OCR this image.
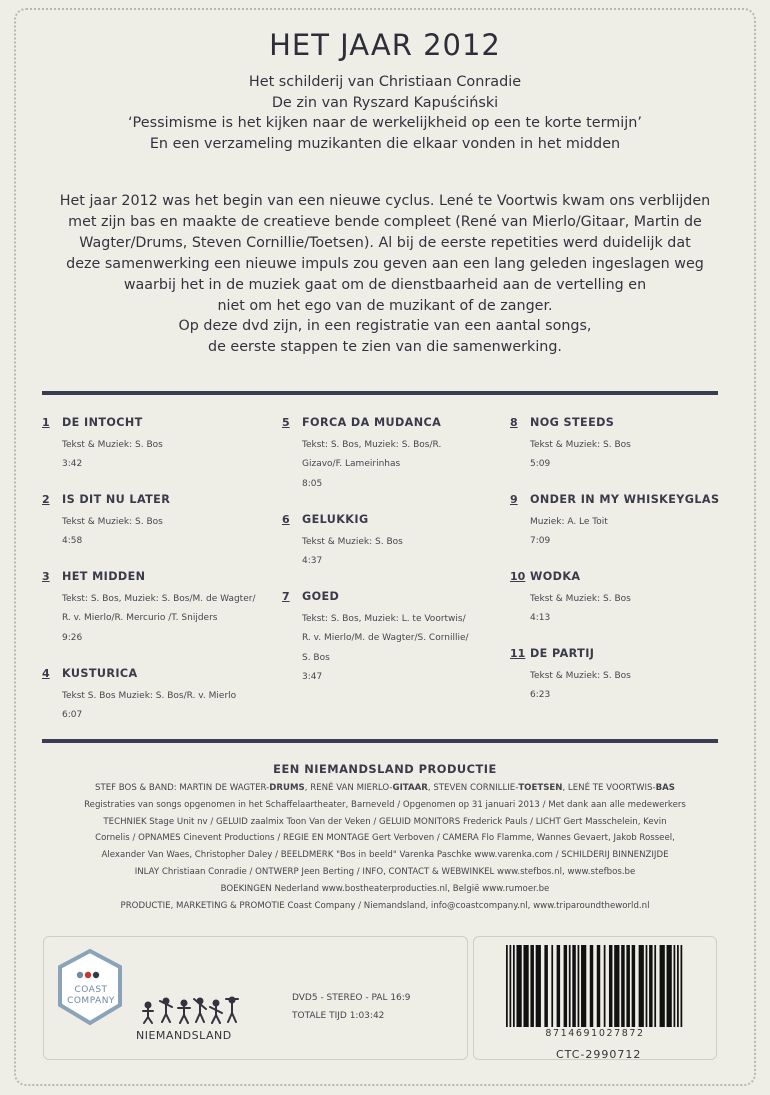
HET JAAR 2012
Het schilderij van Christiaan Conradie
De zin van Ryszard Kapuściński
‘Pessimisme is het kijken naar de werkelijkheid op een te korte termijn’
En een verzameling muzikanten die elkaar vonden in het midden
Het jaar 2012 was het begin van een nieuwe cyclus. Lené te Voortwis kwam ons verblijden
met zijn bas en maakte de creatieve bende compleet (René van Mierlo/Gitaar, Martin de
Wagter/Drums, Steven Cornillie/Toetsen). Al bij de eerste repetities werd duidelijk dat
deze samenwerking een nieuwe impuls zou geven aan een lang geleden ingeslagen weg
waarbij het in de muziek gaat om de dienstbaarheid aan de vertelling en
niet om het ego van de muzikant of de zanger.
Op deze dvd zijn, in een registratie van een aantal songs,
de eerste stappen te zien van die samenwerking.
1 DE INTOCHT
Tekst & Muziek: S. Bos
3:42
2 IS DIT NU LATER
Tekst & Muziek: S. Bos
4:58
3 HET MIDDEN
Tekst: S. Bos, Muziek: S. Bos/M. de Wagter/
R. v. Mierlo/R. Mercurio /T. Snijders
9:26
4 KUSTURICA
Tekst S. Bos Muziek: S. Bos/R. v. Mierlo
6:07
5 FORCA DA MUDANCA
Tekst: S. Bos, Muziek: S. Bos/R.
Gizavo/F. Lameirinhas
8:05
6 GELUKKIG
Tekst & Muziek: S. Bos
4:37
7 GOED
Tekst: S. Bos, Muziek: L. te Voortwis/
R. v. Mierlo/M. de Wagter/S. Cornillie/
S. Bos
3:47
8 NOG STEEDS
Tekst & Muziek: S. Bos
5:09
9 ONDER IN MY WHISKEYGLAS
Muziek: A. Le Toit
7:09
10 WODKA
Tekst & Muziek: S. Bos
4:13
11 DE PARTIJ
Tekst & Muziek: S. Bos
6:23
EEN NIEMANDSLAND PRODUCTIE
STEF BOS & BAND: MARTIN DE WAGTER-DRUMS, RENÉ VAN MIERLO-GITAAR, STEVEN CORNILLIE-TOETSEN, LENÉ TE VOORTWIS-BAS
Registraties van songs opgenomen in het Schaffelaartheater, Barneveld / Opgenomen op 31 januari 2013 / Met dank aan alle medewerkers
TECHNIEK Stage Unit nv / GELUID zaalmix Toon Van der Veken / GELUID MONITORS Frederick Pauls / LICHT Gert Masschelein, Kevin
Cornelis / OPNAMES Cinevent Productions / REGIE EN MONTAGE Gert Verboven / CAMERA Flo Flamme, Wannes Gevaert, Jakob Rosseel,
Alexander Van Waes, Christopher Daley / BEELDMERK "Bos in beeld" Varenka Paschke www.varenka.com / SCHILDERIJ BINNENZIJDE
INLAY Christiaan Conradie / ONTWERP Jeen Berting / INFO, CONTACT & WEBWINKEL www.stefbos.nl, www.stefbos.be
BOEKINGEN Nederland www.bostheaterproducties.nl, België www.rumoer.be
PRODUCTIE, MARKETING & PROMOTIE Coast Company / Niemandsland, info@coastcompany.nl, www.triparoundtheworld.nl
COAST
COMPANY
NIEMANDSLAND
DVD5 - STEREO - PAL 16:9
TOTALE TIJD 1:03:42
8714691027872
CTC-2990712
